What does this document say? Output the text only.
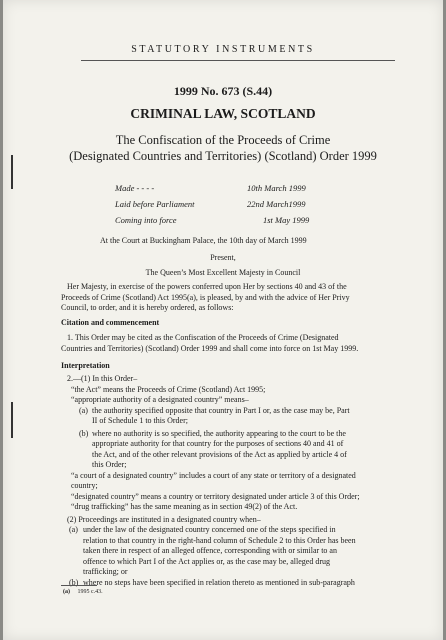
STATUTORY INSTRUMENTS
1999 No. 673 (S.44)
CRIMINAL LAW, SCOTLAND
The Confiscation of the Proceeds of Crime
(Designated Countries and Territories) (Scotland) Order 1999
Made - - - -	10th March 1999
Laid before Parliament	22nd March1999
Coming into force	1st May 1999
At the Court at Buckingham Palace, the 10th day of March 1999
Present,
The Queen’s Most Excellent Majesty in Council
Her Majesty, in exercise of the powers conferred upon Her by sections 40 and 43 of the
Proceeds of Crime (Scotland) Act 1995(a), is pleased, by and with the advice of Her Privy
Council, to order, and it is hereby ordered, as follows:
Citation and commencement
1. This Order may be cited as the Confiscation of the Proceeds of Crime (Designated
Countries and Territories) (Scotland) Order 1999 and shall come into force on 1st May 1999.
Interpretation
2.—(1) In this Order–
“the Act” means the Proceeds of Crime (Scotland) Act 1995;
“appropriate authority of a designated country” means–
(a) the authority specified opposite that country in Part I or, as the case may be, Part
II of Schedule 1 to this Order;
(b) where no authority is so specified, the authority appearing to the court to be the
appropriate authority for that country for the purposes of sections 40 and 41 of
the Act, and of the other relevant provisions of the Act as applied by article 4 of
this Order;
“a court of a designated country” includes a court of any state or territory of a designated
country;
“designated country” means a country or territory designated under article 3 of this Order;
“drug trafficking” has the same meaning as in section 49(2) of the Act.
(2) Proceedings are instituted in a designated country when–
(a) under the law of the designated country concerned one of the steps specified in
relation to that country in the right-hand column of Schedule 2 to this Order has been
taken there in respect of an alleged offence, corresponding with or similar to an
offence to which Part I of the Act applies or, as the case may be, alleged drug
trafficking; or
(b) where no steps have been specified in relation thereto as mentioned in sub-paragraph
(a) 1995 c.43.
